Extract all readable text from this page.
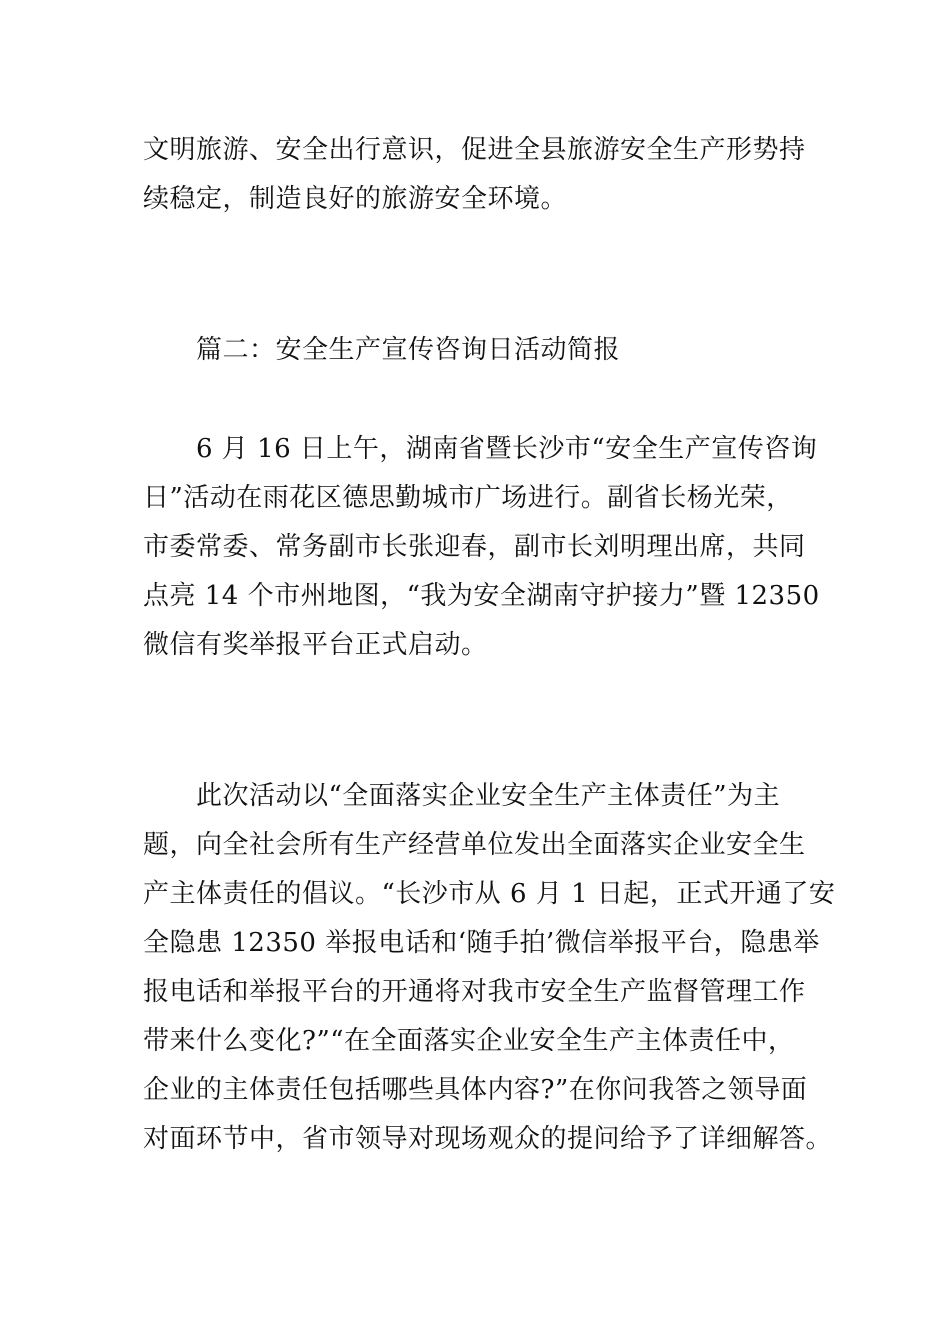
文明旅游、安全出行意识，促进全县旅游安全生产形势持
续稳定，制造良好的旅游安全环境。
篇二：安全生产宣传咨询日活动简报
6 月 16 日上午，湖南省暨长沙市“安全生产宣传咨询
日”活动在雨花区德思勤城市广场进行。副省长杨光荣，
市委常委、常务副市长张迎春，副市长刘明理出席，共同
点亮 14 个市州地图，“我为安全湖南守护接力”暨 12350
微信有奖举报平台正式启动。
此次活动以“全面落实企业安全生产主体责任”为主
题，向全社会所有生产经营单位发出全面落实企业安全生
产主体责任的倡议。“长沙市从 6 月 1 日起，正式开通了安
全隐患 12350 举报电话和‘随手拍’微信举报平台，隐患举
报电话和举报平台的开通将对我市安全生产监督管理工作
带来什么变化?”“在全面落实企业安全生产主体责任中，
企业的主体责任包括哪些具体内容?”在你问我答之领导面
对面环节中，省市领导对现场观众的提问给予了详细解答。
